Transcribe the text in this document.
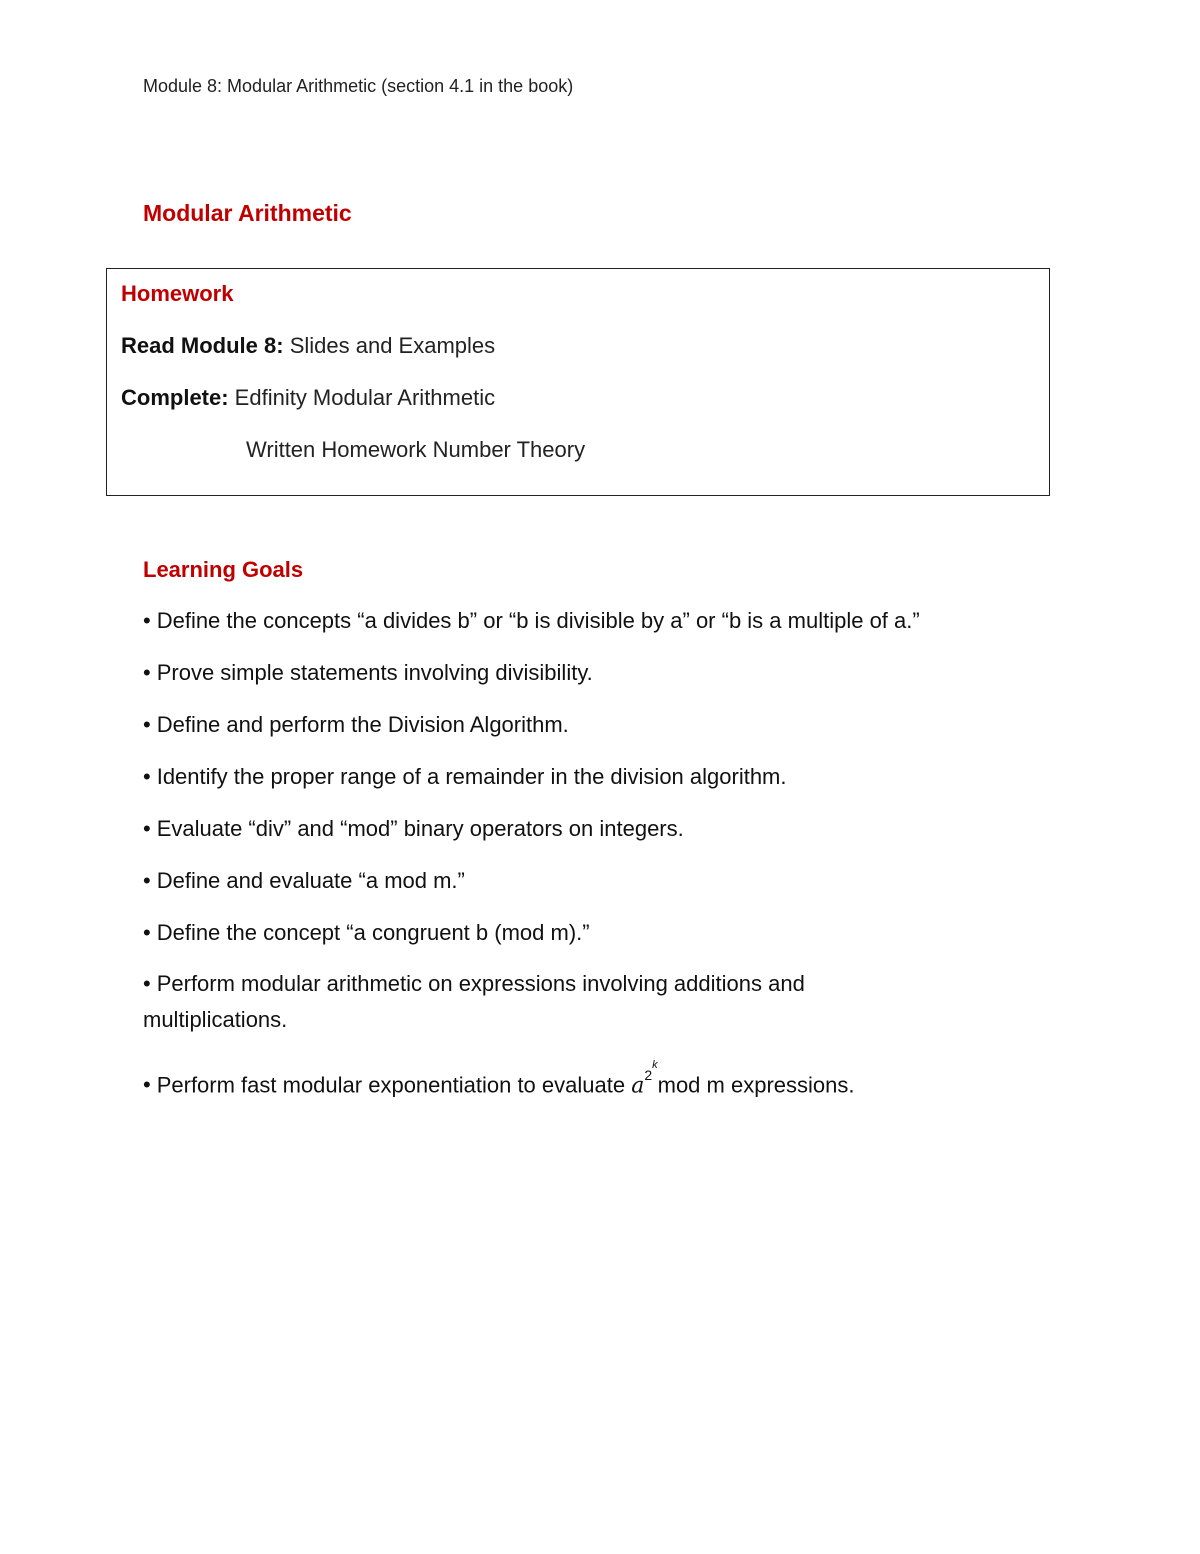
Module 8: Modular Arithmetic (section 4.1 in the book)
Modular Arithmetic
Homework
Read Module 8: Slides and Examples
Complete: Edfinity Modular Arithmetic
Written Homework Number Theory
Learning Goals
• Define the concepts “a divides b” or “b is divisible by a” or “b is a multiple of a.”
• Prove simple statements involving divisibility.
• Define and perform the Division Algorithm.
• Identify the proper range of a remainder in the division algorithm.
• Evaluate “div” and “mod” binary operators on integers.
• Define and evaluate “a mod m.”
• Define the concept “a congruent b (mod m).”
• Perform modular arithmetic on expressions involving additions and multiplications.
• Perform fast modular exponentiation to evaluate $a^{2^k}mod$ m expressions.
